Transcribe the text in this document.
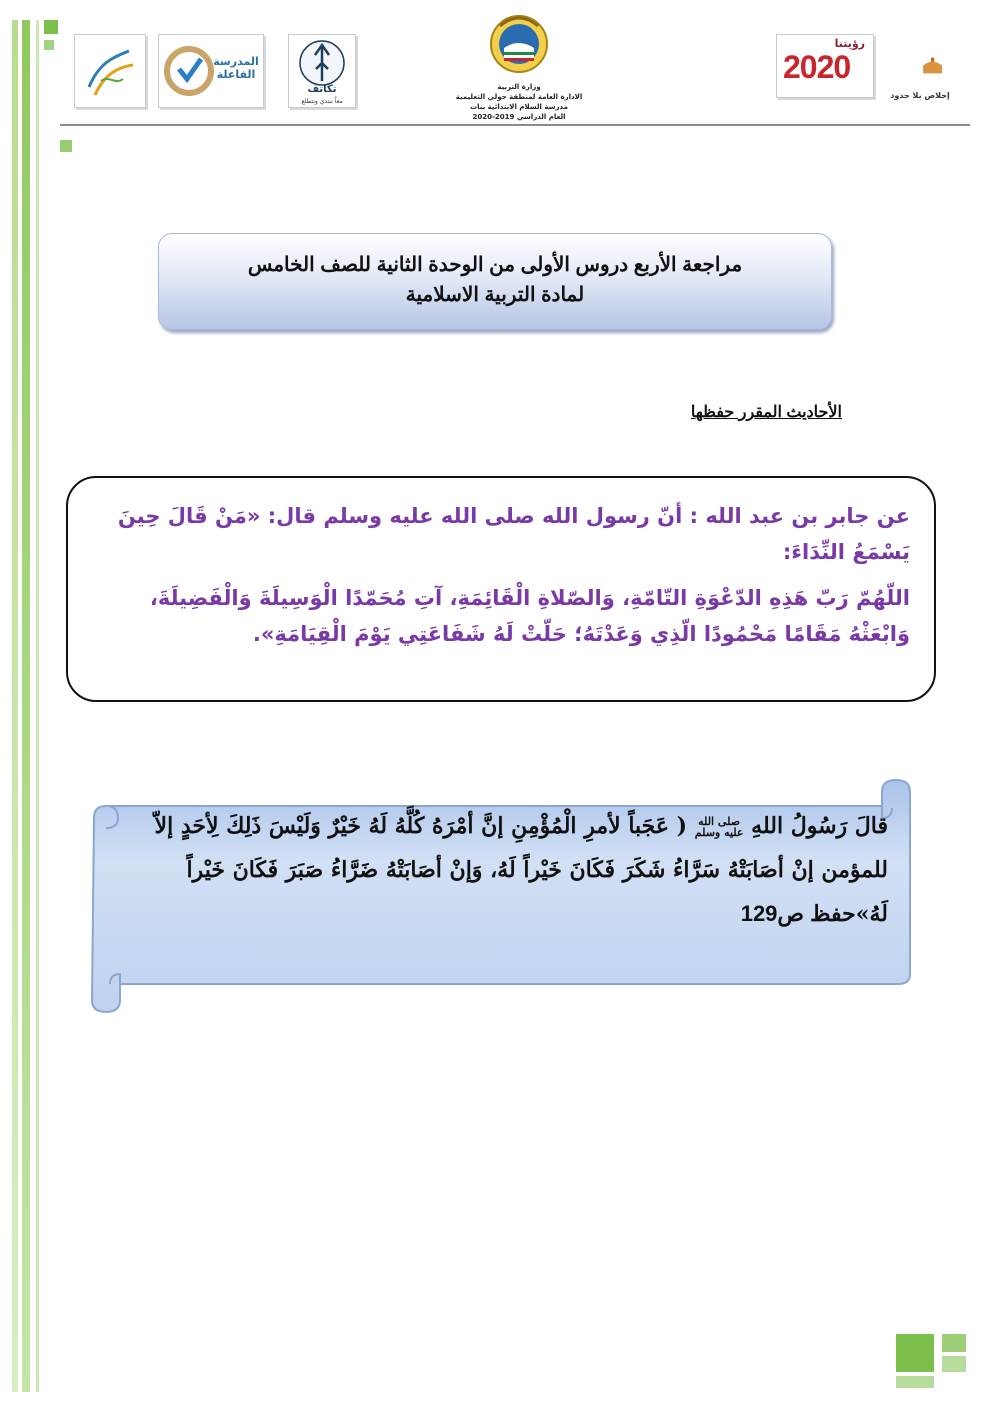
المدرسة الفاعلة
تكاتف
معاً نبتدي ونتطلع
وزارة التربية
الادارة العامة لمنطقة حولي التعليمية
مدرسة السلام الابتدائية بنات
العام الدراسي 2019-2020
رؤيتنا
2020
إخلاص بلا حدود
مراجعة الأربع دروس الأولى من الوحدة الثانية للصف الخامس
لمادة التربية الاسلامية
الأحاديث المقرر حفظها

عن جابر بن عبد الله : أنّ رسول الله صلى الله عليه وسلم قال: «مَنْ قَالَ حِينَ يَسْمَعُ النِّدَاءَ:

اللّهُمّ رَبّ هَذِهِ الدّعْوَةِ التّامّةِ، وَالصّلاةِ الْقَائِمَةِ، آتِ مُحَمّدًا الْوَسِيلَةَ وَالْفَضِيلَةَ، وَابْعَثْهُ مَقَامًا مَحْمُودًا الّذِي وَعَدْتَهُ؛ حَلّتْ لَهُ شَفَاعَتِي يَوْمَ الْقِيَامَةِ».

قالَ رَسُولُ اللهِ
صلى الله
عليه وسلم
( عَجَباً لأمرِ الْمُؤْمِنِ إنَّ أمْرَهُ كُلَّهُ لَهُ خَيْرٌ وَلَيْسَ ذَلِكَ لِأحَدٍ إلاّ للمؤمن إنْ أصَابَتْهُ سَرَّاءُ شَكَرَ فَكَانَ خَيْراً لَهُ، وَإنْ أصَابَتْهُ ضَرَّاءُ صَبَرَ فَكَانَ خَيْراً لَهُ»حفظ ص129
